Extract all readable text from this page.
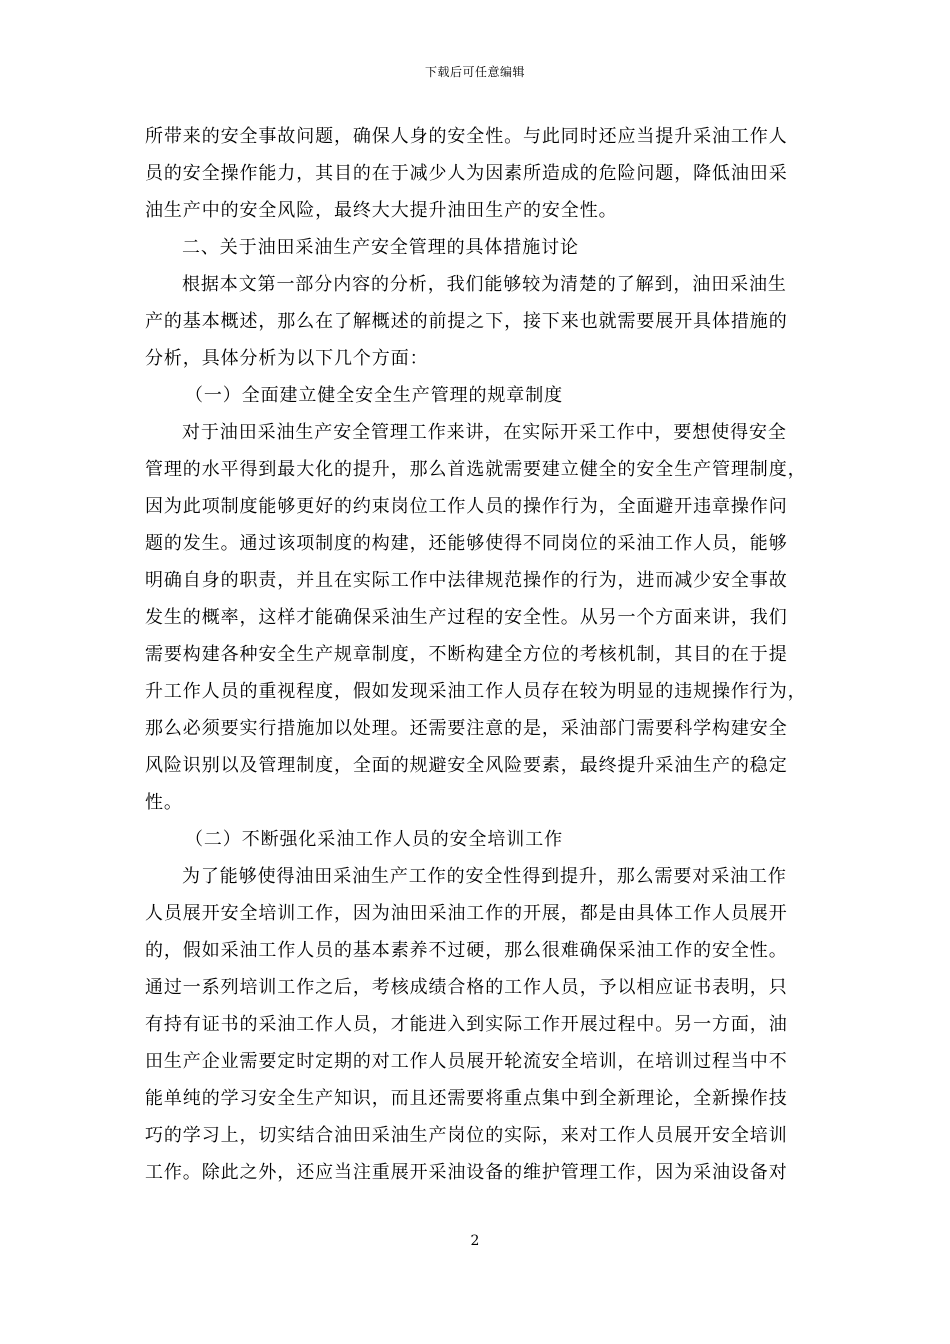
下载后可任意编辑
所带来的安全事故问题，确保人身的安全性。与此同时还应当提升采油工作人
员的安全操作能力，其目的在于减少人为因素所造成的危险问题，降低油田采
油生产中的安全风险，最终大大提升油田生产的安全性。
二、关于油田采油生产安全管理的具体措施讨论
根据本文第一部分内容的分析，我们能够较为清楚的了解到，油田采油生
产的基本概述，那么在了解概述的前提之下，接下来也就需要展开具体措施的
分析，具体分析为以下几个方面：
（一）全面建立健全安全生产管理的规章制度
对于油田采油生产安全管理工作来讲，在实际开采工作中，要想使得安全
管理的水平得到最大化的提升，那么首选就需要建立健全的安全生产管理制度，
因为此项制度能够更好的约束岗位工作人员的操作行为，全面避开违章操作问
题的发生。通过该项制度的构建，还能够使得不同岗位的采油工作人员，能够
明确自身的职责，并且在实际工作中法律规范操作的行为，进而减少安全事故
发生的概率，这样才能确保采油生产过程的安全性。从另一个方面来讲，我们
需要构建各种安全生产规章制度，不断构建全方位的考核机制，其目的在于提
升工作人员的重视程度，假如发现采油工作人员存在较为明显的违规操作行为，
那么必须要实行措施加以处理。还需要注意的是，采油部门需要科学构建安全
风险识别以及管理制度，全面的规避安全风险要素，最终提升采油生产的稳定
性。
（二）不断强化采油工作人员的安全培训工作
为了能够使得油田采油生产工作的安全性得到提升，那么需要对采油工作
人员展开安全培训工作，因为油田采油工作的开展，都是由具体工作人员展开
的，假如采油工作人员的基本素养不过硬，那么很难确保采油工作的安全性。
通过一系列培训工作之后，考核成绩合格的工作人员，予以相应证书表明，只
有持有证书的采油工作人员，才能进入到实际工作开展过程中。另一方面，油
田生产企业需要定时定期的对工作人员展开轮流安全培训，在培训过程当中不
能单纯的学习安全生产知识，而且还需要将重点集中到全新理论，全新操作技
巧的学习上，切实结合油田采油生产岗位的实际，来对工作人员展开安全培训
工作。除此之外，还应当注重展开采油设备的维护管理工作，因为采油设备对
2
